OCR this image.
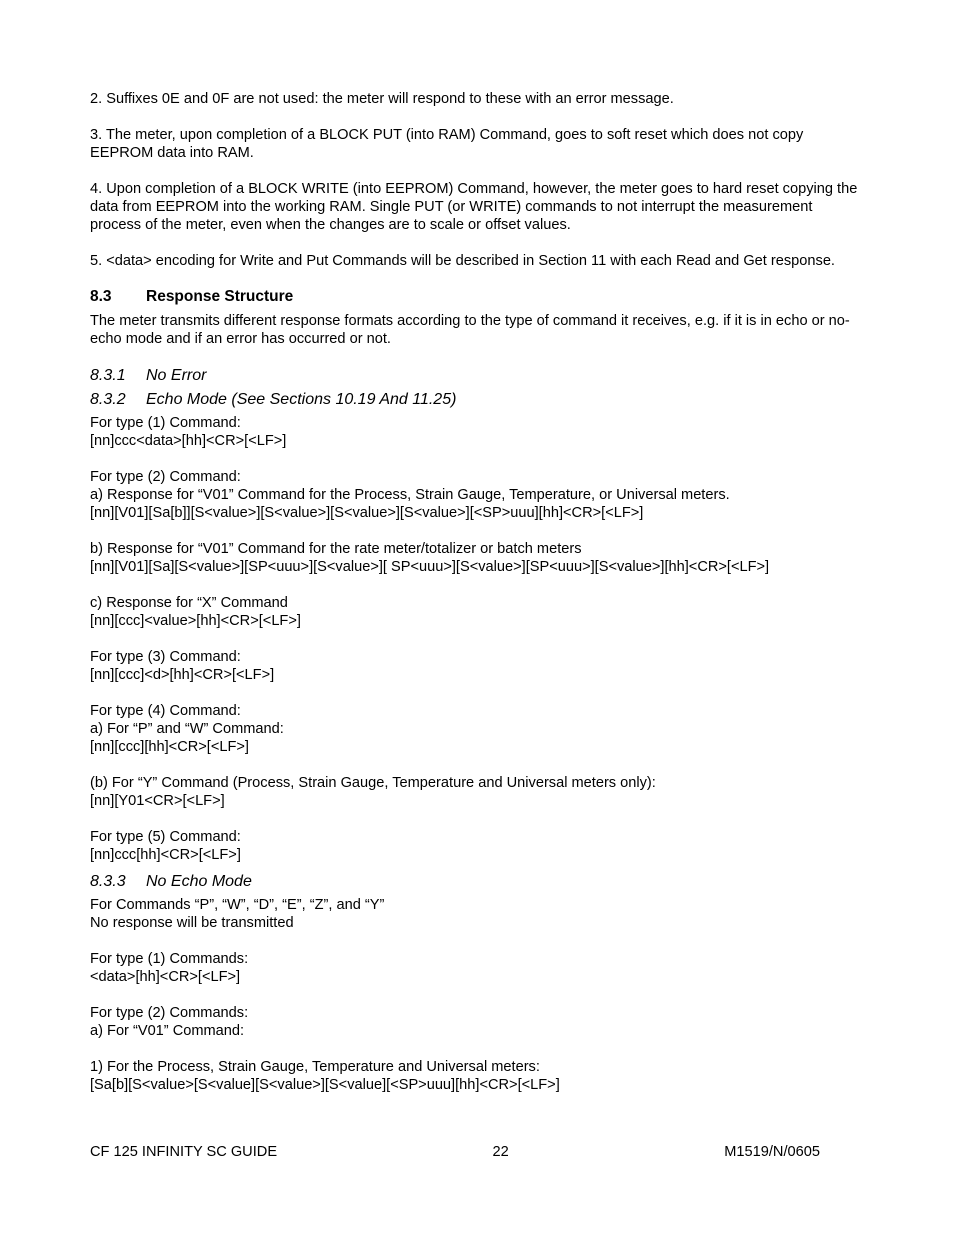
2. Suffixes 0E and 0F are not used: the meter will respond to these with an error message.

3. The meter, upon completion of a BLOCK PUT (into RAM) Command, goes to soft reset which does not copy EEPROM data into RAM.

4. Upon completion of a BLOCK WRITE (into EEPROM) Command, however, the meter goes to hard reset copying the data from EEPROM into the working RAM. Single PUT (or WRITE) commands to not interrupt the measurement process of the meter, even when the changes are to scale or offset values.

5. <data> encoding for Write and Put Commands will be described in Section 11 with each Read and Get response.

8.3	Response Structure

The meter transmits different response formats according to the type of command it receives, e.g. if it is in echo or no-echo mode and if an error has occurred or not.

8.3.1	No Error
8.3.2	Echo Mode (See Sections 10.19 And 11.25)

For type (1) Command:

[nn]ccc<data>[hh]<CR>[<LF>]

For type (2) Command:

a) Response for “V01” Command for the Process, Strain Gauge, Temperature, or Universal meters.

[nn][V01][Sa[b]][S<value>][S<value>][S<value>][S<value>][<SP>uuu][hh]<CR>[<LF>]

b) Response for “V01” Command for the rate meter/totalizer or batch meters

[nn][V01][Sa][S<value>][SP<uuu>][S<value>][ SP<uuu>][S<value>][SP<uuu>][S<value>][hh]<CR>[<LF>]

c) Response for “X” Command

[nn][ccc]<value>[hh]<CR>[<LF>]

For type (3) Command:

[nn][ccc]<d>[hh]<CR>[<LF>]

For type (4) Command:

a) For “P” and “W” Command:

[nn][ccc][hh]<CR>[<LF>]

(b) For “Y” Command (Process, Strain Gauge, Temperature and Universal meters only):

[nn][Y01<CR>[<LF>]

For type (5) Command:

[nn]ccc[hh]<CR>[<LF>]

8.3.3	No Echo Mode

For Commands “P”, “W”, “D”, “E”, “Z”, and “Y”

No response will be transmitted

For type (1) Commands:

<data>[hh]<CR>[<LF>]

For type (2) Commands:

a) For “V01” Command:

1) For the Process, Strain Gauge, Temperature and Universal meters:

[Sa[b][S<value>[S<value][S<value>][S<value][<SP>uuu][hh]<CR>[<LF>]

CF 125 INFINITY SC GUIDE	22	M1519/N/0605
